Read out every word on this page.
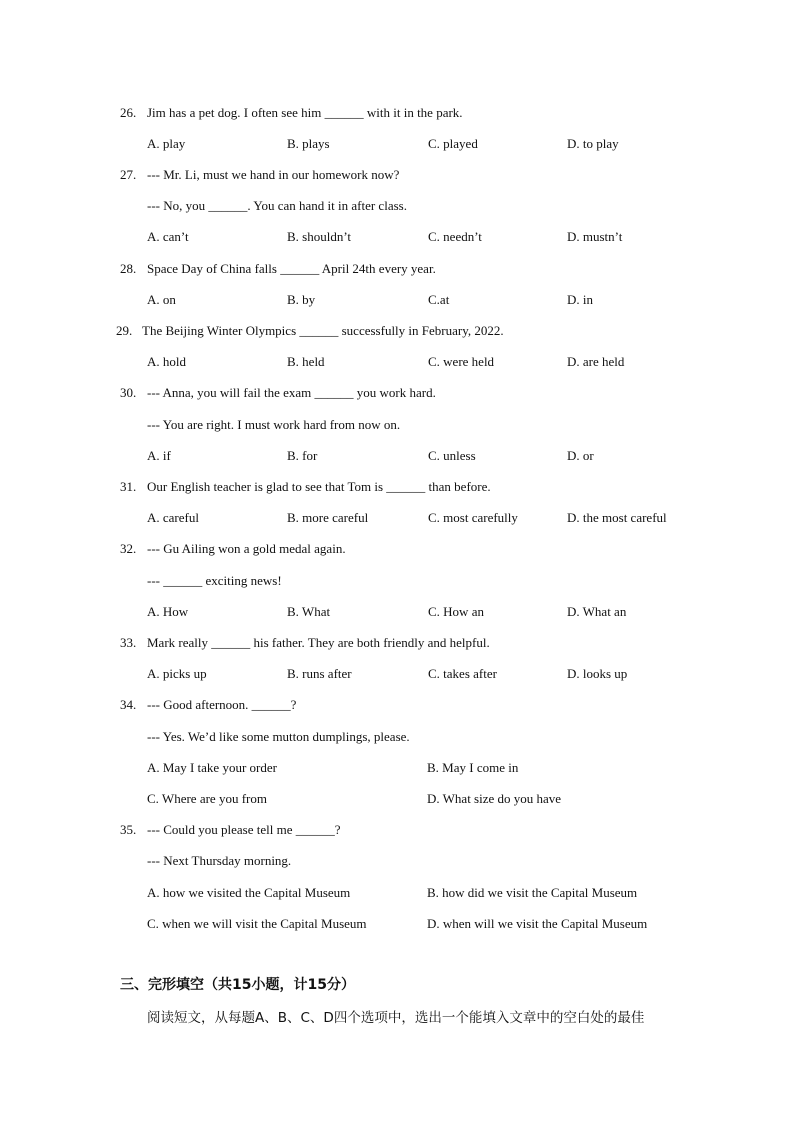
26. Jim has a pet dog. I often see him ______ with it in the park.
A. play	B. plays	C. played	D. to play
27. --- Mr. Li, must we hand in our homework now?
--- No, you ______. You can hand it in after class.
A. can’t	B. shouldn’t	C. needn’t	D. mustn’t
28. Space Day of China falls ______ April 24th every year.
A. on	B. by	C.at	D. in
29. The Beijing Winter Olympics ______ successfully in February, 2022.
A. hold	B. held	C. were held	D. are held
30. --- Anna, you will fail the exam ______ you work hard.
--- You are right. I must work hard from now on.
A. if	B. for	C. unless	D. or
31. Our English teacher is glad to see that Tom is ______ than before.
A. careful	B. more careful	C. most carefully	D. the most careful
32. --- Gu Ailing won a gold medal again.
--- ______ exciting news!
A. How	B. What	C. How an	D. What an
33. Mark really ______ his father. They are both friendly and helpful.
A. picks up	B. runs after	C. takes after	D. looks up
34. --- Good afternoon. ______?
--- Yes. We’d like some mutton dumplings, please.
A. May I take your order	B. May I come in
C. Where are you from	D. What size do you have
35. --- Could you please tell me ______?
--- Next Thursday morning.
A. how we visited the Capital Museum	B. how did we visit the Capital Museum
C. when we will visit the Capital Museum	D. when will we visit the Capital Museum
三、完形填空（共15小题，计15分）
阅读短文，从每题A、B、C、D四个选项中，选出一个能填入文章中的空白处的最佳
